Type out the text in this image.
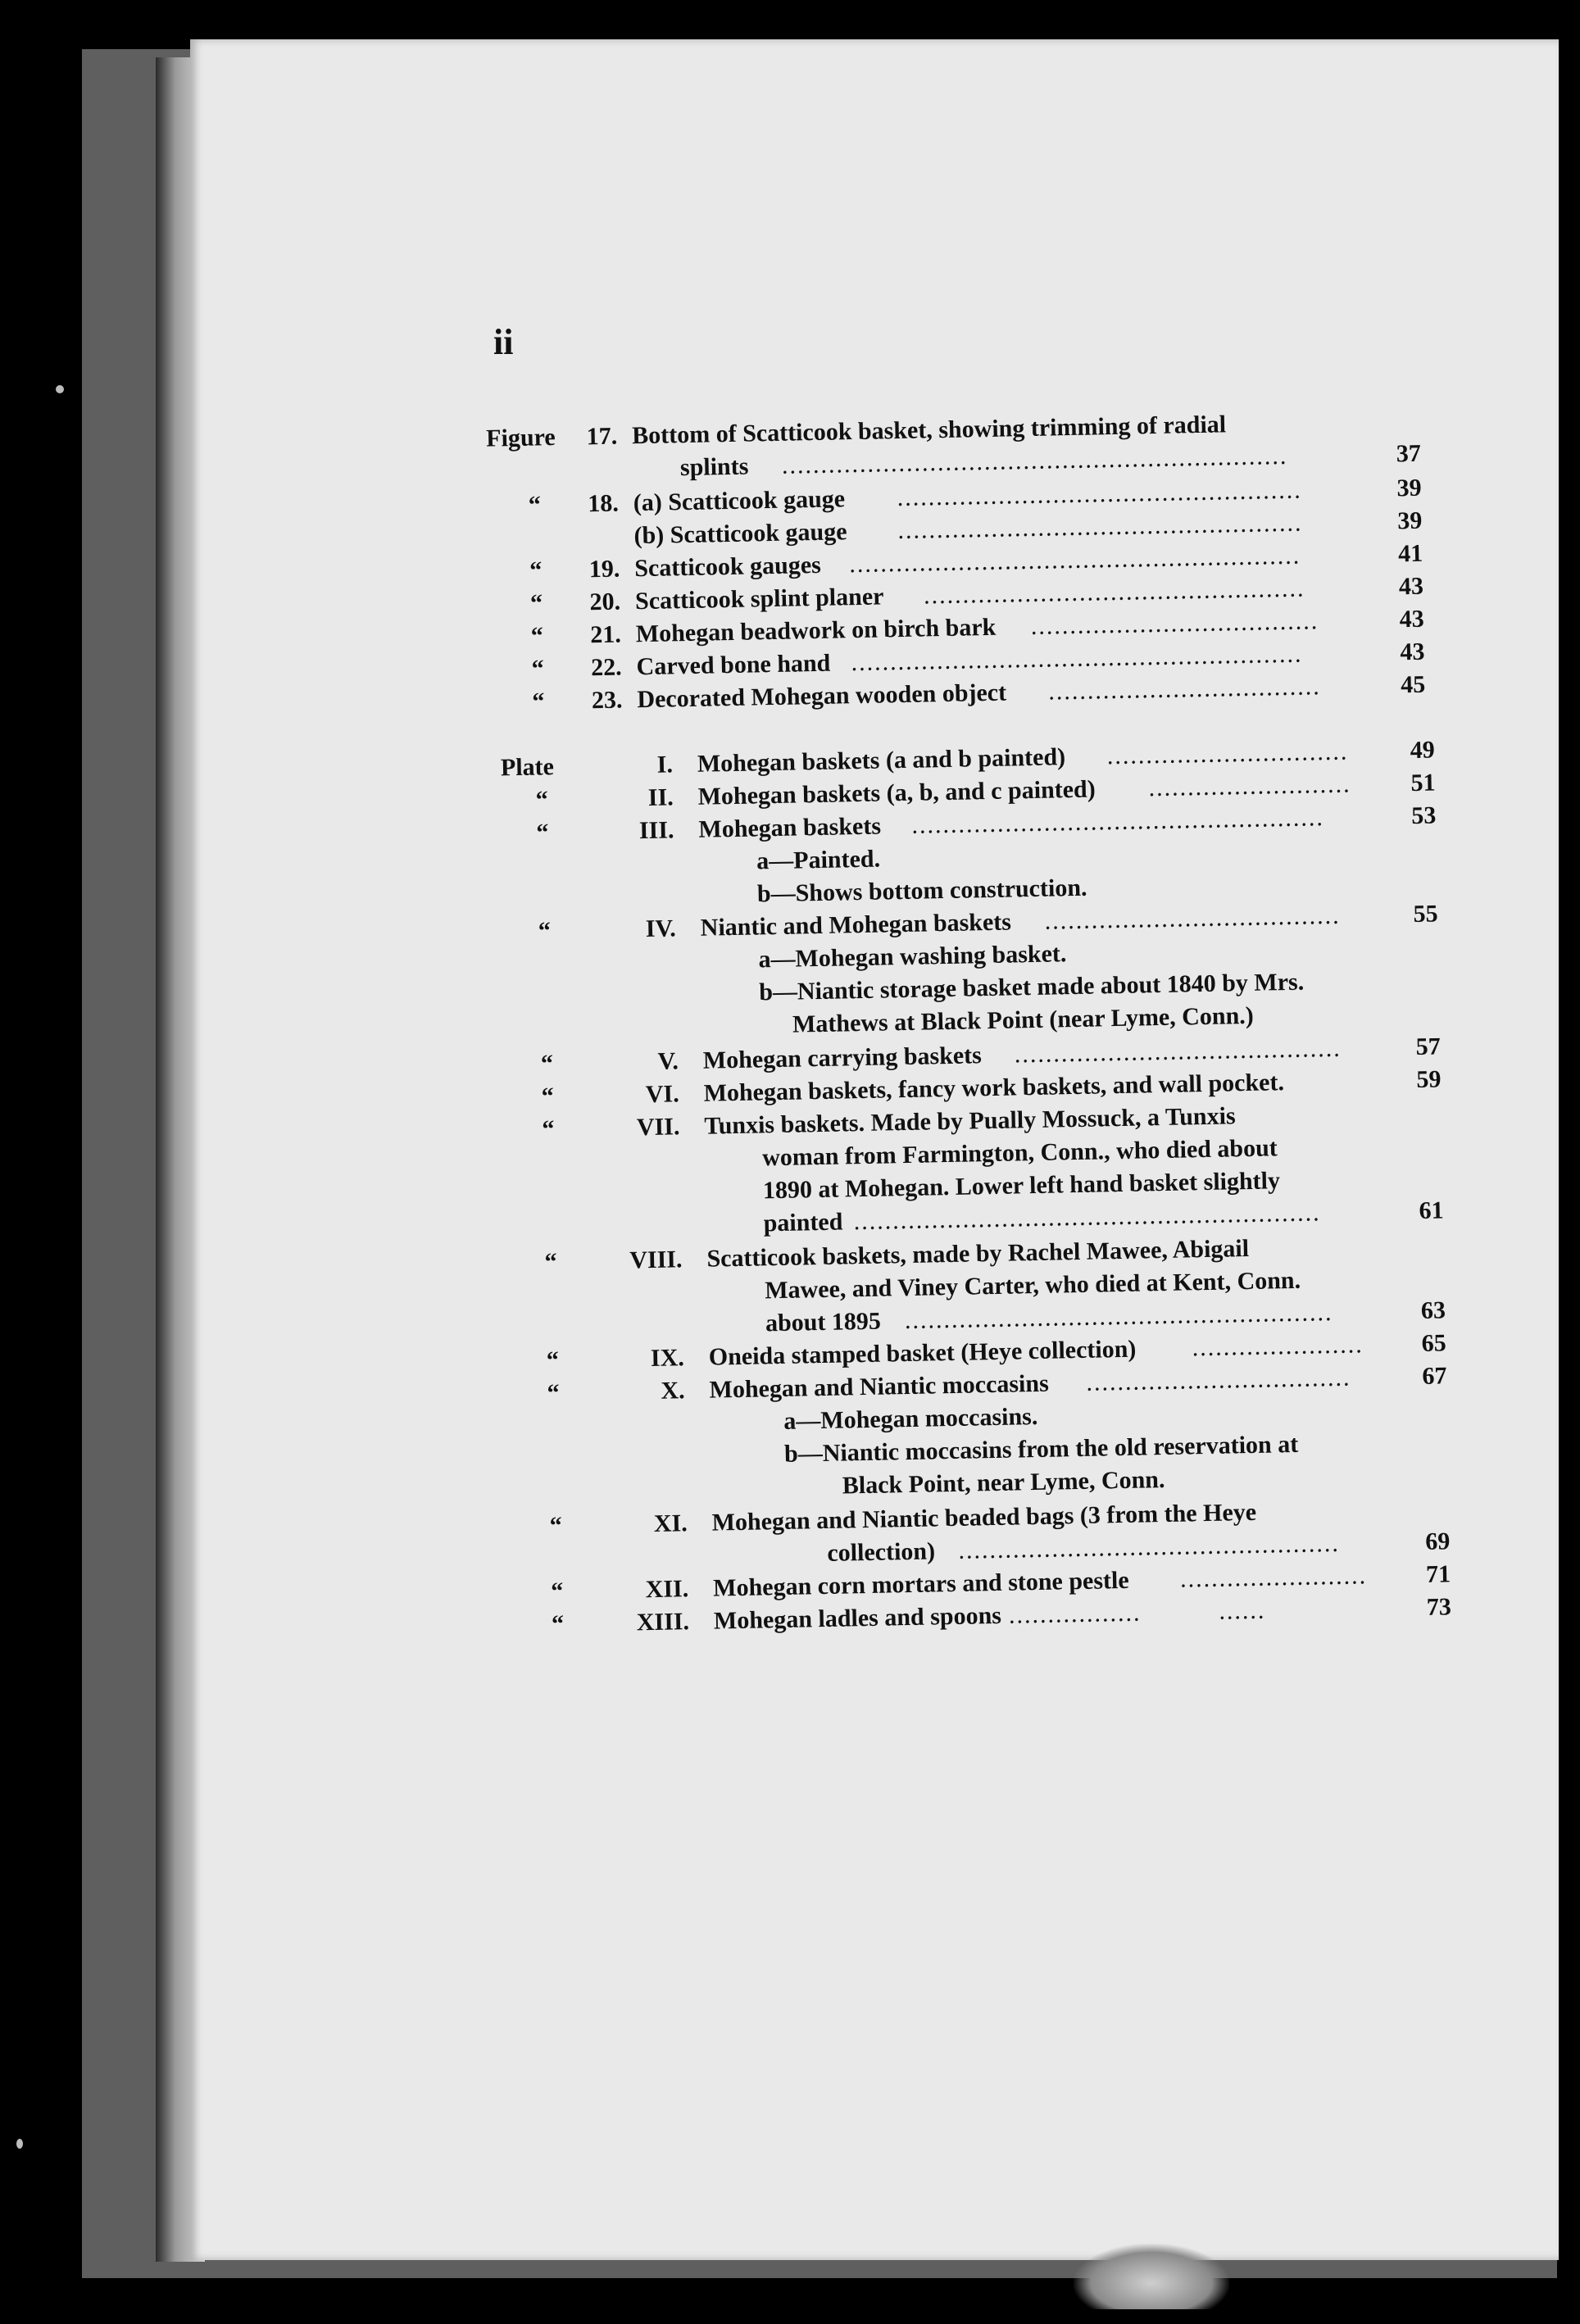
ii
Figure	17. Bottom of Scatticook basket, showing trimming of radial
splints .................................................................	37
“	18. (a) Scatticook gauge ....................................................	39
(b) Scatticook gauge ....................................................	39
“	19. Scatticook gauges ..........................................................	41
“	20. Scatticook splint planer .................................................	43
“	21. Mohegan beadwork on birch bark .....................................	43
“	22. Carved bone hand ..........................................................	43
“	23. Decorated Mohegan wooden object ...................................	45
Plate	I. Mohegan baskets (a and b painted) ...............................	49
“	II. Mohegan baskets (a, b, and c painted) ..........................	51
“	III. Mohegan baskets .....................................................	53
a—Painted.
b—Shows bottom construction.
“	IV. Niantic and Mohegan baskets ......................................	55
a—Mohegan washing basket.
b—Niantic storage basket made about 1840 by Mrs.
Mathews at Black Point (near Lyme, Conn.)
“	V. Mohegan carrying baskets ..........................................	57
“	VI. Mohegan baskets, fancy work baskets, and wall pocket.	59
“	VII. Tunxis baskets. Made by Pually Mossuck, a Tunxis
woman from Farmington, Conn., who died about
1890 at Mohegan. Lower left hand basket slightly
painted ............................................................	61
“	VIII. Scatticook baskets, made by Rachel Mawee, Abigail
Mawee, and Viney Carter, who died at Kent, Conn.
about 1895 .......................................................	63
“	IX. Oneida stamped basket (Heye collection) ......................	65
“	X. Mohegan and Niantic moccasins ..................................	67
a—Mohegan moccasins.
b—Niantic moccasins from the old reservation at
Black Point, near Lyme, Conn.
“	XI. Mohegan and Niantic beaded bags (3 from the Heye
collection) .................................................	69
“	XII. Mohegan corn mortars and stone pestle ........................	71
“	XIII. Mohegan ladles and spoons .................          ......	73
